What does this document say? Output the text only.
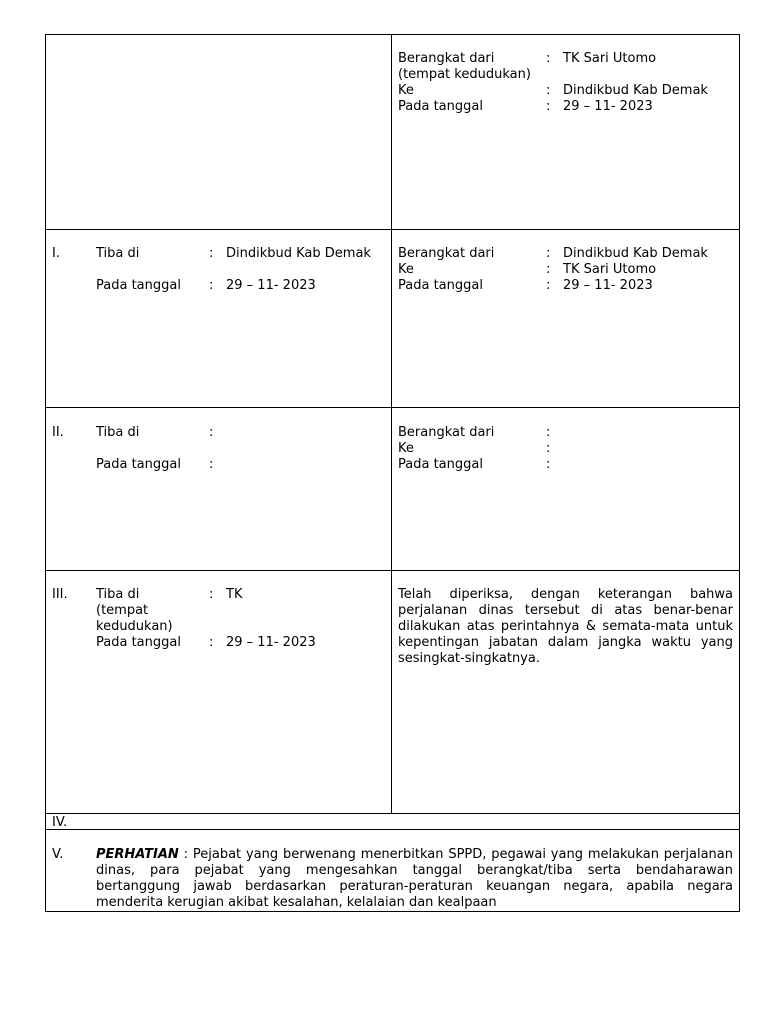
Berangkat dari	: TK Sari Utomo
(tempat kedudukan)
Ke	: Dindikbud Kab Demak
Pada tanggal	: 29 – 11- 2023
I.	Tiba di	: Dindikbud Kab Demak
Pada tanggal	: 29 – 11- 2023
Berangkat dari	: Dindikbud Kab Demak
Ke	: TK Sari Utomo
Pada tanggal	: 29 – 11- 2023
II.	Tiba di	:
Pada tanggal	:
Berangkat dari	:
Ke	:
Pada tanggal	:
III.	Tiba di	: TK
(tempat
kedudukan)
Pada tanggal	: 29 – 11- 2023
Telah diperiksa, dengan keterangan bahwa perjalanan dinas tersebut di atas benar-benar dilakukan atas perintahnya & semata-mata untuk kepentingan jabatan dalam jangka waktu yang sesingkat-singkatnya.
IV.
V.	PERHATIAN : Pejabat yang berwenang menerbitkan SPPD, pegawai yang melakukan perjalanan dinas, para pejabat yang mengesahkan tanggal berangkat/tiba serta bendaharawan bertanggung jawab berdasarkan peraturan-peraturan keuangan negara, apabila negara menderita kerugian akibat kesalahan, kelalaian dan kealpaan
